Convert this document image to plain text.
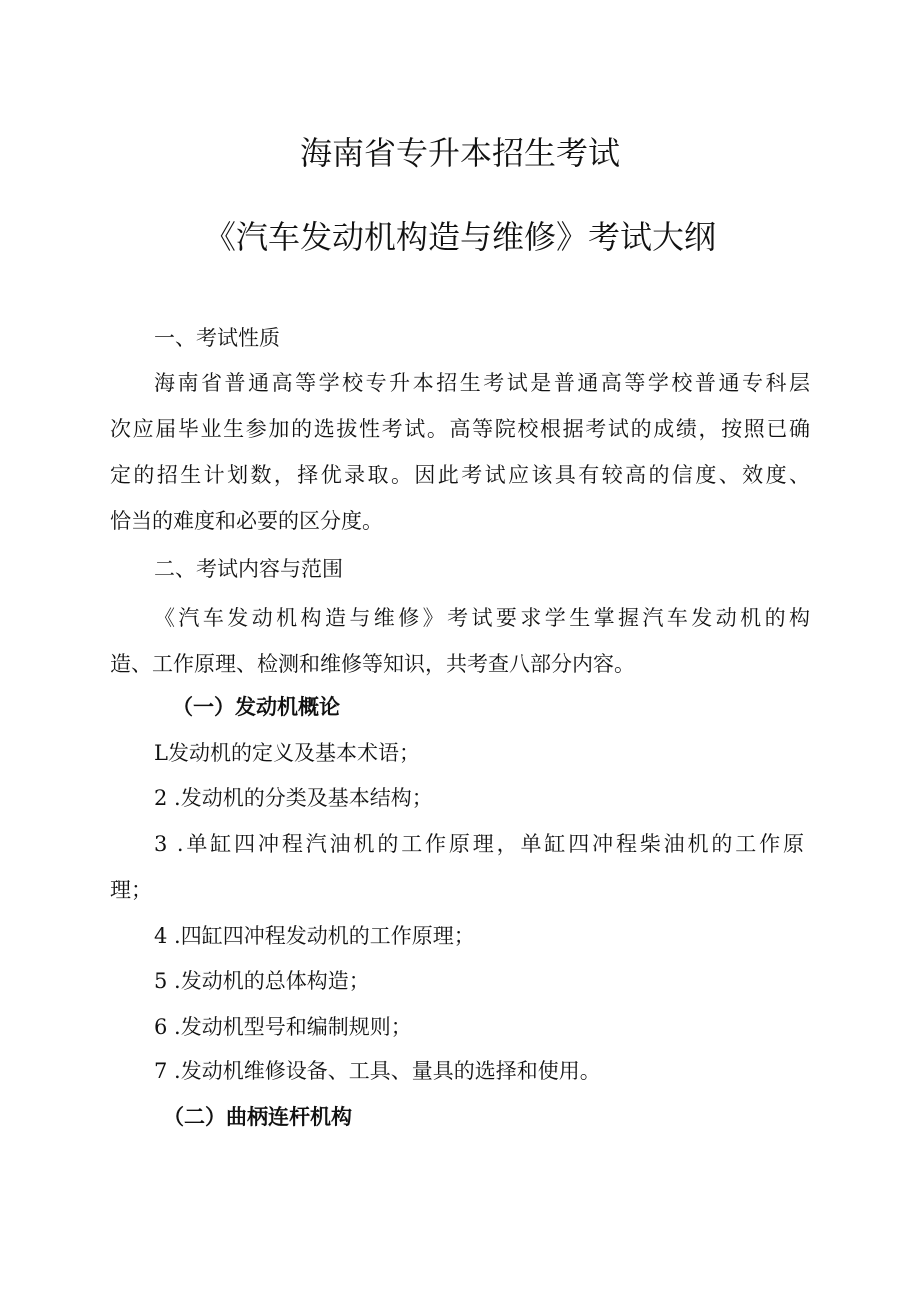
海南省专升本招生考试
《汽车发动机构造与维修》考试大纲
一、考试性质

海南省普通高等学校专升本招生考试是普通高等学校普通专科层

次应届毕业生参加的选拔性考试。高等院校根据考试的成绩，按照已确

定的招生计划数，择优录取。因此考试应该具有较高的信度、效度、

恰当的难度和必要的区分度。

二、考试内容与范围

《汽车发动机构造与维修》考试要求学生掌握汽车发动机的构

造、工作原理、检测和维修等知识，共考查八部分内容。

（一）发动机概论

L发动机的定义及基本术语；

2 .发动机的分类及基本结构；

3 .单缸四冲程汽油机的工作原理，单缸四冲程柴油机的工作原

理；

4 .四缸四冲程发动机的工作原理；

5 .发动机的总体构造；

6 .发动机型号和编制规则；

7 .发动机维修设备、工具、量具的选择和使用。

（二）曲柄连杆机构
